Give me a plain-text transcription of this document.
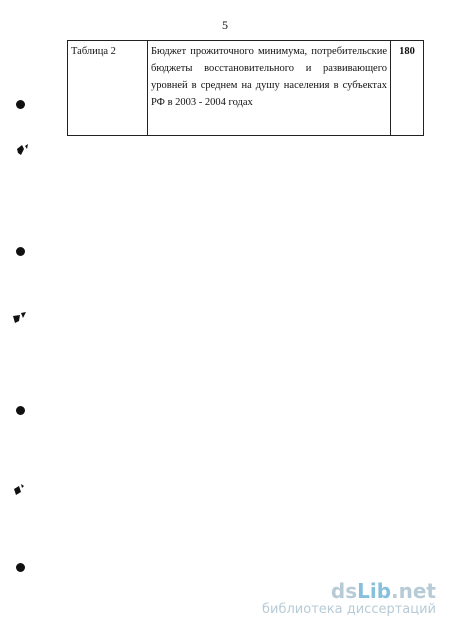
5
Таблица 2	Бюджет прожиточного минимума, потребительские бюджеты восстановительного и развивающего уровней в среднем на душу населения в субъектах РФ в 2003 - 2004 годах	180
dsLib.net
библиотека диссертаций
